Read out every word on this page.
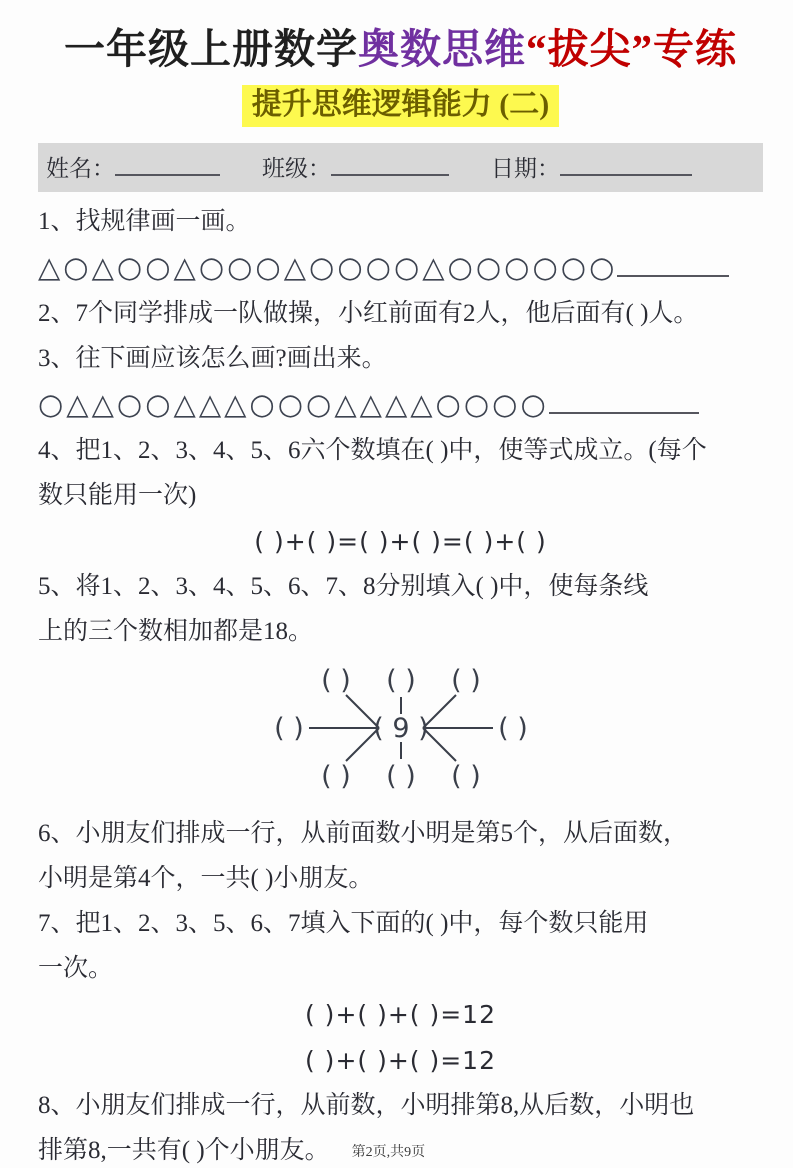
一年级上册数学奥数思维“拔尖”专练
提升思维逻辑能力 (二)
姓名：	班级：	日期：
1、找规律画一画。
△○△○○△○○○△○○○○△○○○○○○
2、7个同学排成一队做操，小红前面有2人，他后面有( )人。
3、往下画应该怎么画?画出来。
○△△○○△△△○○○△△△△○○○○
4、把1、2、3、4、5、6六个数填在( )中，使等式成立。(每个
数只能用一次)
( )+( )=( )+( )=( )+( )
5、将1、2、3、4、5、6、7、8分别填入( )中，使每条线
上的三个数相加都是18。
( ) ( ) ( )
( )	( 9 )	( )
( ) ( ) ( )
6、小朋友们排成一行，从前面数小明是第5个，从后面数，
小明是第4个，一共( )小朋友。
7、把1、2、3、5、6、7填入下面的( )中，每个数只能用
一次。
( )+( )+( )=12
( )+( )+( )=12
8、小朋友们排成一行，从前数，小明排第8,从后数，小明也
排第8,一共有( )个小朋友。 第2页,共9页
